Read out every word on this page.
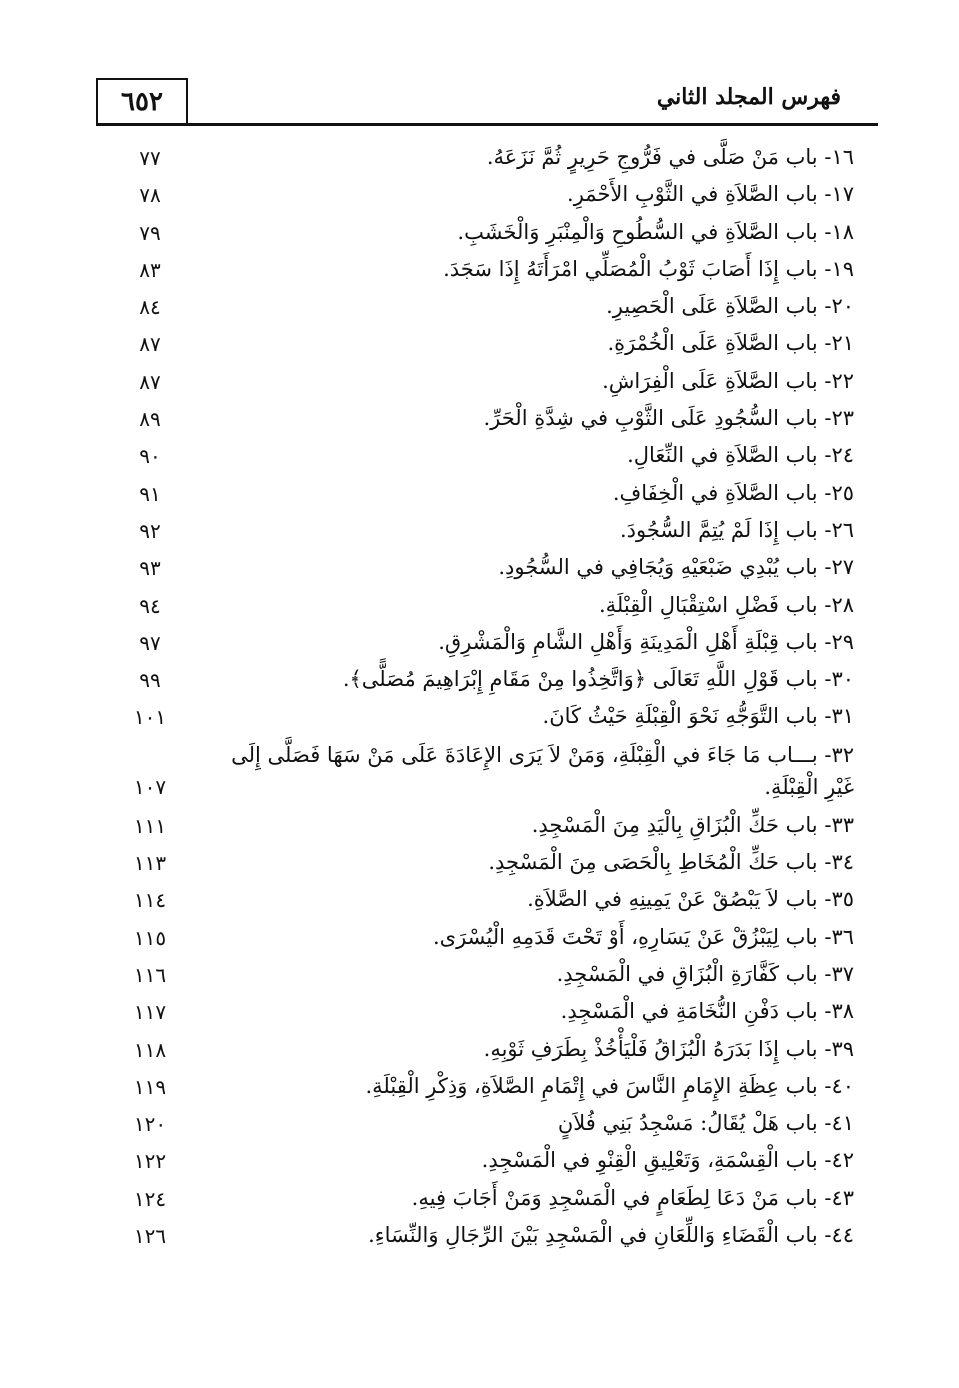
٦٥٢	فهرس المجلد الثاني
١٦- باب مَنْ صَلَّى في فَرُّوجِ حَرِيرٍ ثُمَّ نَزَعَهُ.
٧٧
١٧- باب الصَّلاَةِ في الثَّوْبِ الأَحْمَرِ.
٧٨
١٨- باب الصَّلاَةِ في السُّطُوحِ وَالْمِنْبَرِ وَالْخَشَبِ.
٧٩
١٩- باب إِذَا أَصَابَ ثَوْبُ الْمُصَلِّي امْرَأَتَهُ إِذَا سَجَدَ.
٨٣
٢٠- باب الصَّلاَةِ عَلَى الْحَصِيرِ.
٨٤
٢١- باب الصَّلاَةِ عَلَى الْخُمْرَةِ.
٨٧
٢٢- باب الصَّلاَةِ عَلَى الْفِرَاشِ.
٨٧
٢٣- باب السُّجُودِ عَلَى الثَّوْبِ في شِدَّةِ الْحَرِّ.
٨٩
٢٤- باب الصَّلاَةِ في النِّعَالِ.
٩٠
٢٥- باب الصَّلاَةِ في الْخِفَافِ.
٩١
٢٦- باب إِذَا لَمْ يُتِمَّ السُّجُودَ.
٩٢
٢٧- باب يُبْدِي ضَبْعَيْهِ وَيُجَافِي في السُّجُودِ.
٩٣
٢٨- باب فَضْلِ اسْتِقْبَالِ الْقِبْلَةِ.
٩٤
٢٩- باب قِبْلَةِ أَهْلِ الْمَدِينَةِ وَأَهْلِ الشَّامِ وَالْمَشْرِقِ.
٩٧
٣٠- باب قَوْلِ اللَّهِ تَعَالَى ﴿وَاتَّخِذُوا مِنْ مَقَامِ إِبْرَاهِيمَ مُصَلًّى﴾.
٩٩
٣١- باب التَّوَجُّهِ نَحْوَ الْقِبْلَةِ حَيْثُ كَانَ.
١٠١
٣٢- بـــاب مَا جَاءَ في الْقِبْلَةِ، وَمَنْ لاَ يَرَى الإِعَادَةَ عَلَى مَنْ سَهَا فَصَلَّى إِلَى غَيْرِ الْقِبْلَةِ.
١٠٧
٣٣- باب حَكِّ الْبُزَاقِ بِالْيَدِ مِنَ الْمَسْجِدِ.
١١١
٣٤- باب حَكِّ الْمُخَاطِ بِالْحَصَى مِنَ الْمَسْجِدِ.
١١٣
٣٥- باب لاَ يَبْصُقْ عَنْ يَمِينِهِ في الصَّلاَةِ.
١١٤
٣٦- باب لِيَبْزُقْ عَنْ يَسَارِهِ، أَوْ تَحْتَ قَدَمِهِ الْيُسْرَى.
١١٥
٣٧- باب كَفَّارَةِ الْبُزَاقِ في الْمَسْجِدِ.
١١٦
٣٨- باب دَفْنِ النُّخَامَةِ في الْمَسْجِدِ.
١١٧
٣٩- باب إِذَا بَدَرَهُ الْبُزَاقُ فَلْيَأْخُذْ بِطَرَفِ ثَوْبِهِ.
١١٨
٤٠- باب عِظَةِ الإِمَامِ النَّاسَ في إِتْمَامِ الصَّلاَةِ، وَذِكْرِ الْقِبْلَةِ.
١١٩
٤١- باب هَلْ يُقَالُ: مَسْجِدُ بَنِي فُلاَنٍ
١٢٠
٤٢- باب الْقِسْمَةِ، وَتَعْلِيقِ الْقِنْوِ في الْمَسْجِدِ.
١٢٢
٤٣- باب مَنْ دَعَا لِطَعَامٍ في الْمَسْجِدِ وَمَنْ أَجَابَ فِيهِ.
١٢٤
٤٤- باب الْقَضَاءِ وَاللِّعَانِ في الْمَسْجِدِ بَيْنَ الرِّجَالِ وَالنِّسَاءِ.
١٢٦
